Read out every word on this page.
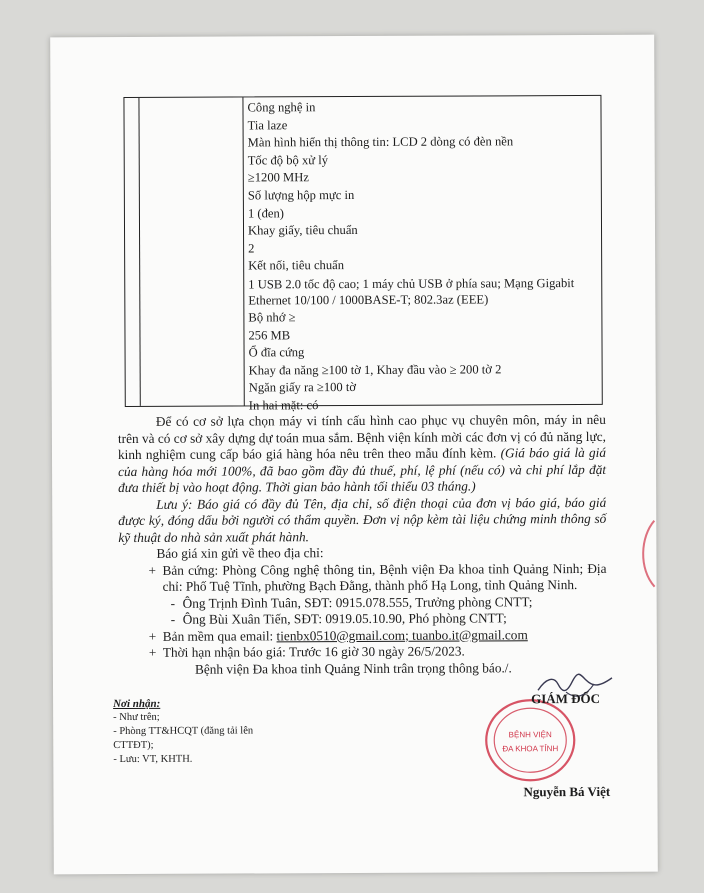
Công nghệ in
Tia laze
Màn hình hiển thị thông tin: LCD 2 dòng có đèn nền
Tốc độ bộ xử lý
≥1200 MHz
Số lượng hộp mực in
1 (đen)
Khay giấy, tiêu chuẩn
2
Kết nối, tiêu chuẩn
1 USB 2.0 tốc độ cao; 1 máy chủ USB ở phía sau; Mạng Gigabit Ethernet 10/100 / 1000BASE-T; 802.3az (EEE)
Bộ nhớ ≥
256 MB
Ổ đĩa cứng
Khay đa năng ≥100 tờ 1, Khay đầu vào ≥ 200 tờ 2
Ngăn giấy ra ≥100 tờ
In hai mặt: có

Để có cơ sở lựa chọn máy vi tính cấu hình cao phục vụ chuyên môn, máy in nêu trên và có cơ sở xây dựng dự toán mua sắm. Bệnh viện kính mời các đơn vị có đủ năng lực, kinh nghiệm cung cấp báo giá hàng hóa nêu trên theo mẫu đính kèm. (Giá báo giá là giá của hàng hóa mới 100%, đã bao gồm đầy đủ thuế, phí, lệ phí (nếu có) và chi phí lắp đặt đưa thiết bị vào hoạt động. Thời gian bảo hành tối thiểu 03 tháng.)

Lưu ý: Báo giá có đầy đủ Tên, địa chỉ, số điện thoại của đơn vị báo giá, báo giá được ký, đóng dấu bởi người có thẩm quyền. Đơn vị nộp kèm tài liệu chứng minh thông số kỹ thuật do nhà sản xuất phát hành.

Báo giá xin gửi về theo địa chỉ:

+ Bản cứng: Phòng Công nghệ thông tin, Bệnh viện Đa khoa tỉnh Quảng Ninh; Địa chỉ: Phố Tuệ Tĩnh, phường Bạch Đằng, thành phố Hạ Long, tỉnh Quảng Ninh.
- Ông Trịnh Đình Tuân, SĐT: 0915.078.555, Trưởng phòng CNTT;
- Ông Bùi Xuân Tiến, SĐT: 0919.05.10.90, Phó phòng CNTT;
+ Bản mềm qua email: tienbx0510@gmail.com; tuanbo.it@gmail.com
+ Thời hạn nhận báo giá: Trước 16 giờ 30 ngày 26/5/2023.

Bệnh viện Đa khoa tỉnh Quảng Ninh trân trọng thông báo./.

Nơi nhận:
- Như trên;
- Phòng TT&HCQT (đăng tải lên CTTĐT);
- Lưu: VT, KHTH.
BỆNH VIỆN
ĐA KHOA TỈNH
GIÁM ĐỐC
Nguyễn Bá Việt
